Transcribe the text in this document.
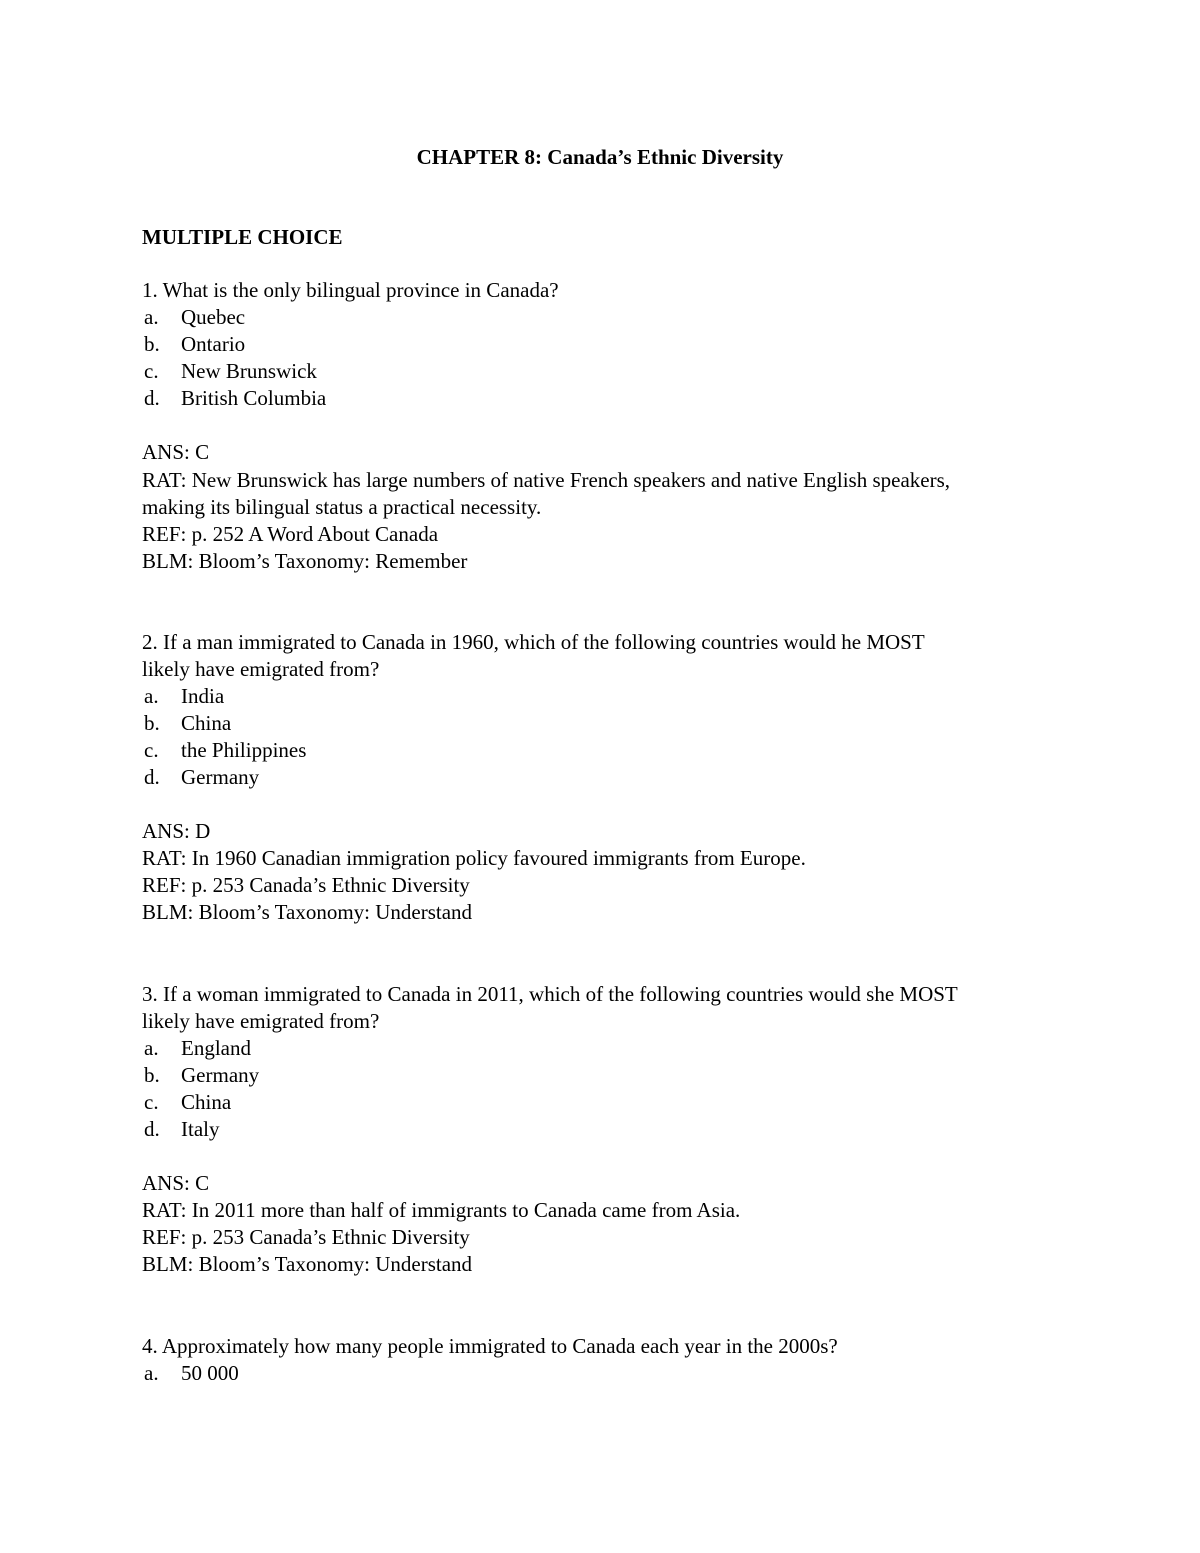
CHAPTER 8: Canada’s Ethnic Diversity
MULTIPLE CHOICE
1. What is the only bilingual province in Canada?
a. Quebec
b. Ontario
c. New Brunswick
d. British Columbia
ANS: C
RAT: New Brunswick has large numbers of native French speakers and native English speakers,
making its bilingual status a practical necessity.
REF: p. 252 A Word About Canada
BLM: Bloom’s Taxonomy: Remember
2. If a man immigrated to Canada in 1960, which of the following countries would he MOST
likely have emigrated from?
a. India
b. China
c. the Philippines
d. Germany
ANS: D
RAT: In 1960 Canadian immigration policy favoured immigrants from Europe.
REF: p. 253 Canada’s Ethnic Diversity
BLM: Bloom’s Taxonomy: Understand
3. If a woman immigrated to Canada in 2011, which of the following countries would she MOST
likely have emigrated from?
a. England
b. Germany
c. China
d. Italy
ANS: C
RAT: In 2011 more than half of immigrants to Canada came from Asia.
REF: p. 253 Canada’s Ethnic Diversity
BLM: Bloom’s Taxonomy: Understand
4. Approximately how many people immigrated to Canada each year in the 2000s?
a. 50 000
